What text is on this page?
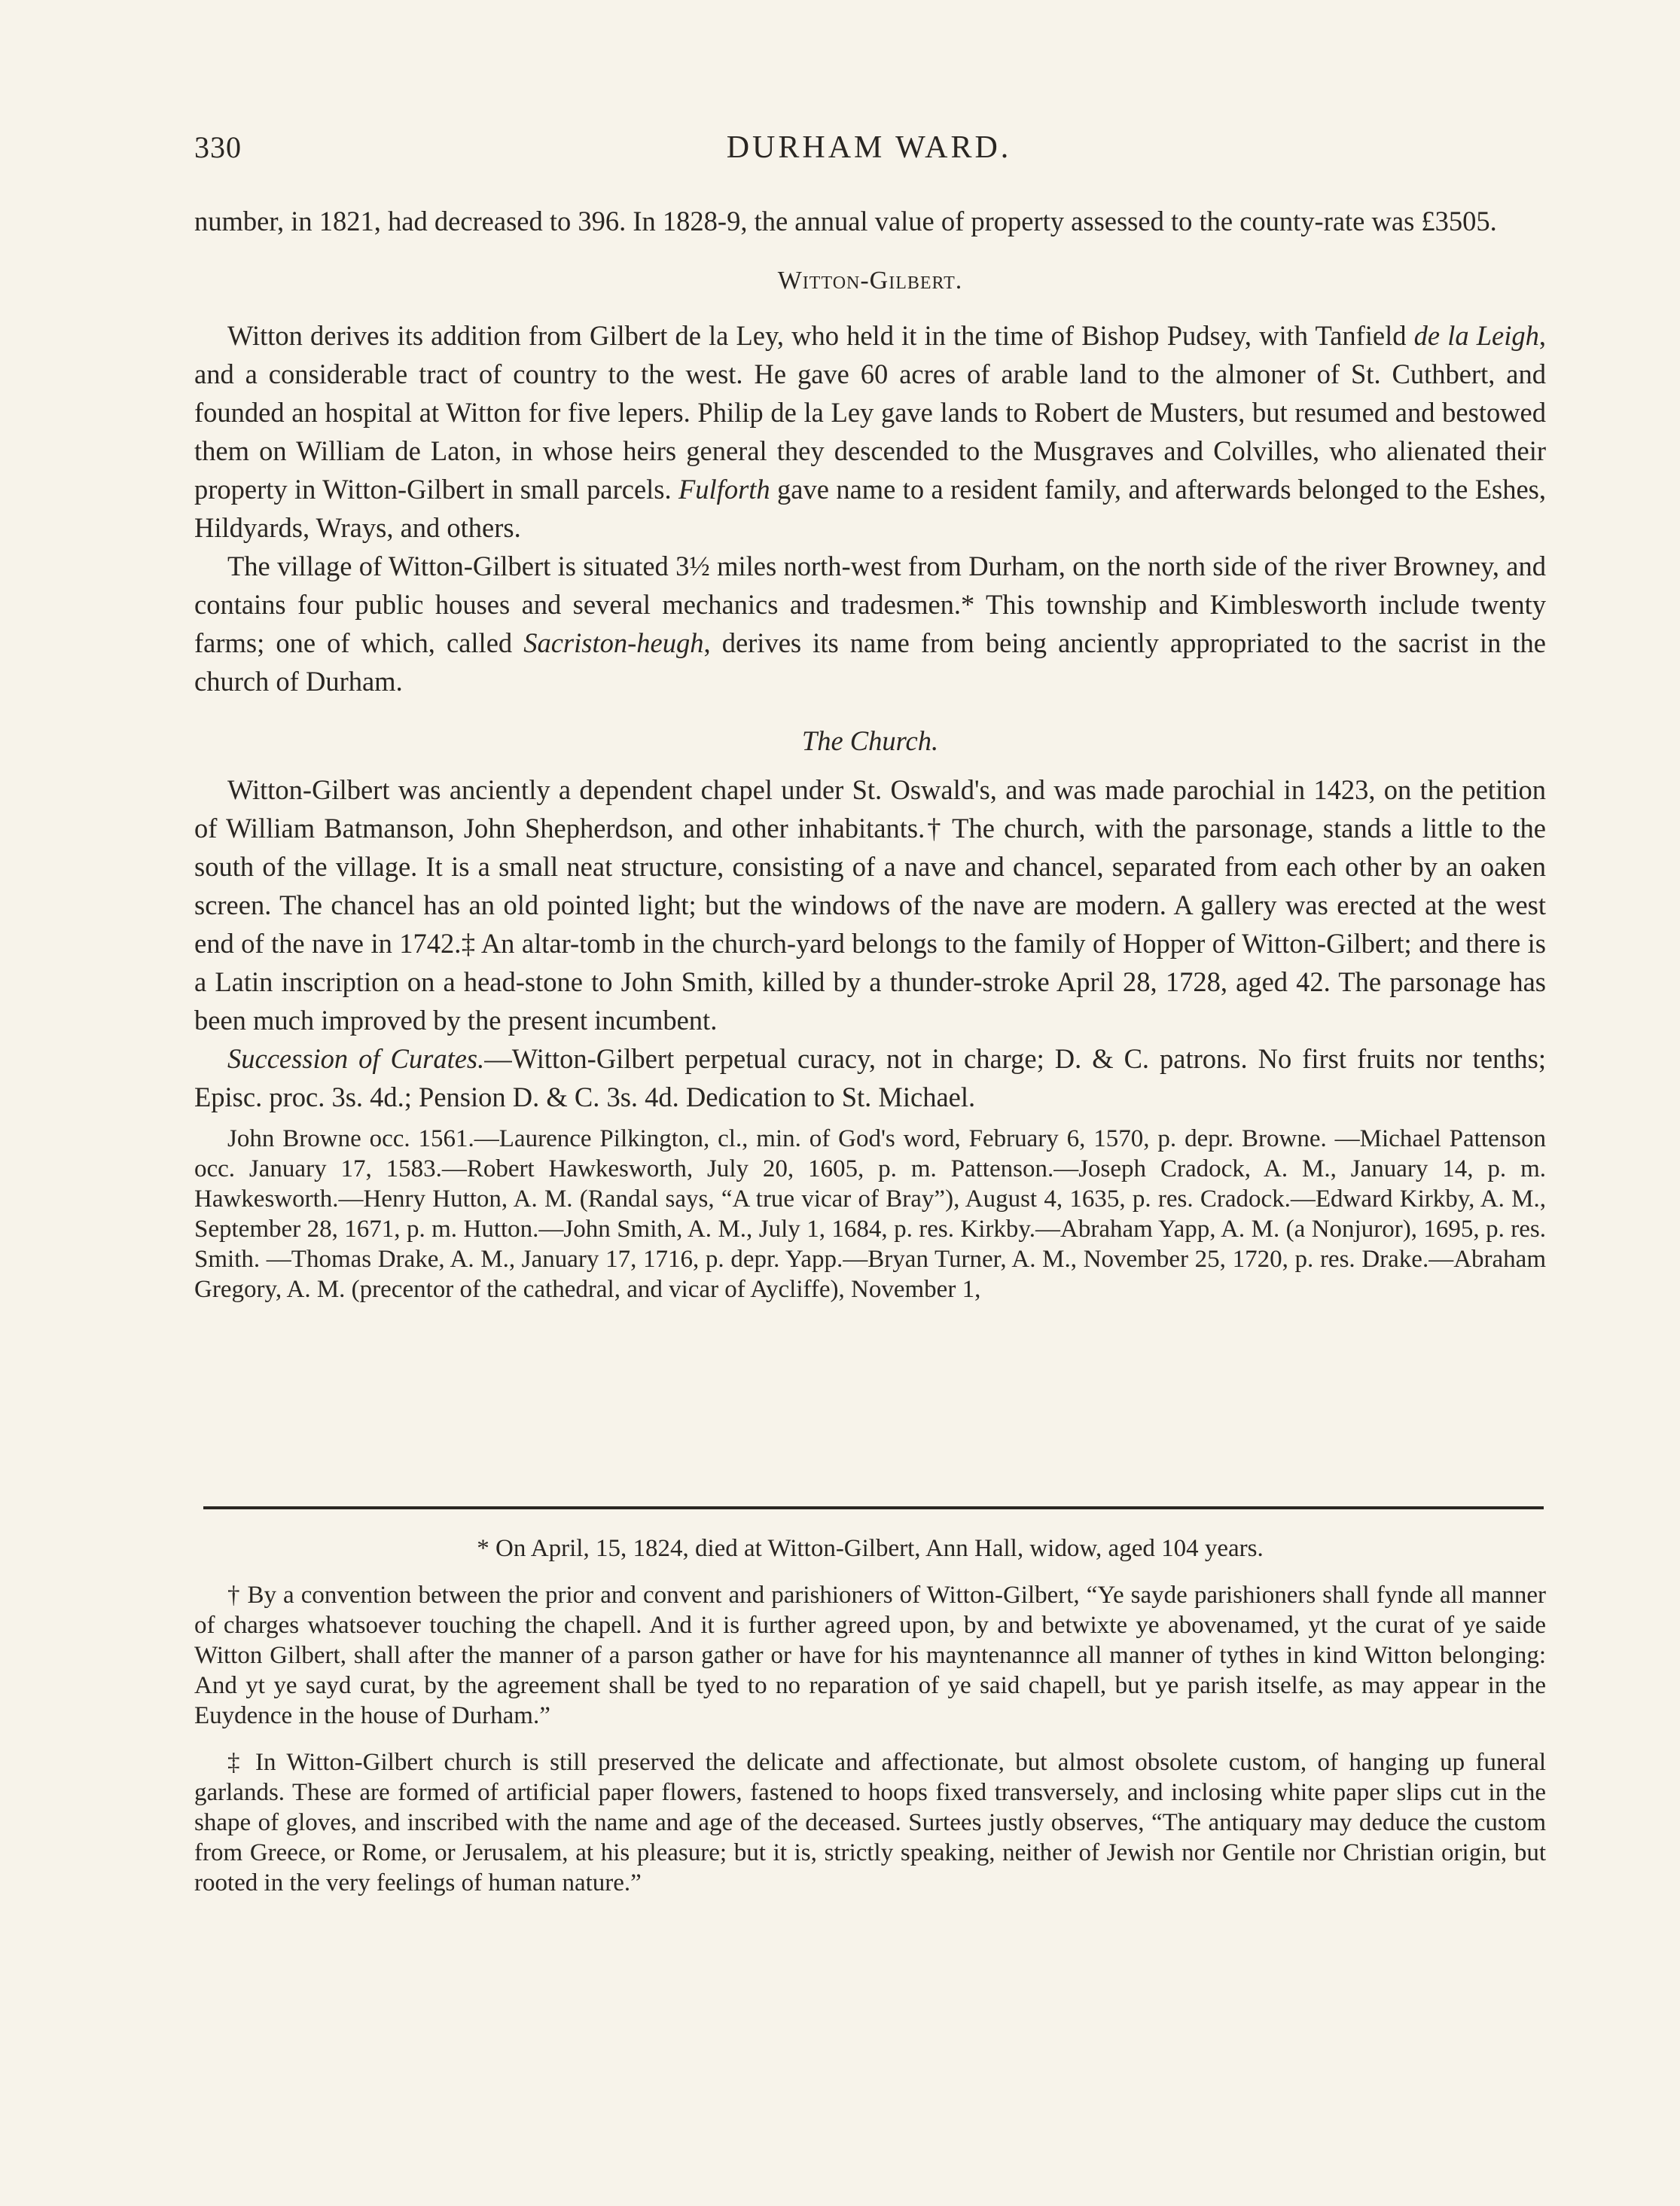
330	DURHAM WARD.

number, in 1821, had decreased to 396. In 1828-9, the annual value of property assessed to the county-rate was £3505.

Witton-Gilbert.

Witton derives its addition from Gilbert de la Ley, who held it in the time of Bishop Pudsey, with Tanfield de la Leigh, and a considerable tract of country to the west. He gave 60 acres of arable land to the almoner of St. Cuthbert, and founded an hospital at Witton for five lepers. Philip de la Ley gave lands to Robert de Musters, but resumed and bestowed them on William de Laton, in whose heirs general they descended to the Musgraves and Colvilles, who alienated their property in Witton-Gilbert in small parcels. Fulforth gave name to a resident family, and afterwards belonged to the Eshes, Hildyards, Wrays, and others.

The village of Witton-Gilbert is situated 3½ miles north-west from Durham, on the north side of the river Browney, and contains four public houses and several mechanics and tradesmen.* This township and Kimblesworth include twenty farms; one of which, called Sacriston-heugh, derives its name from being anciently appropriated to the sacrist in the church of Durham.

The Church.

Witton-Gilbert was anciently a dependent chapel under St. Oswald's, and was made parochial in 1423, on the petition of William Batmanson, John Shepherdson, and other inhabitants.† The church, with the parsonage, stands a little to the south of the village. It is a small neat structure, consisting of a nave and chancel, separated from each other by an oaken screen. The chancel has an old pointed light; but the windows of the nave are modern. A gallery was erected at the west end of the nave in 1742.‡ An altar-tomb in the church-yard belongs to the family of Hopper of Witton-Gilbert; and there is a Latin inscription on a head-stone to John Smith, killed by a thunder-stroke April 28, 1728, aged 42. The parsonage has been much improved by the present incumbent.

Succession of Curates.—Witton-Gilbert perpetual curacy, not in charge; D. & C. patrons. No first fruits nor tenths; Episc. proc. 3s. 4d.; Pension D. & C. 3s. 4d. Dedication to St. Michael.

John Browne occ. 1561.—Laurence Pilkington, cl., min. of God's word, February 6, 1570, p. depr. Browne. —Michael Pattenson occ. January 17, 1583.—Robert Hawkesworth, July 20, 1605, p. m. Pattenson.—Joseph Cradock, A. M., January 14, p. m. Hawkesworth.—Henry Hutton, A. M. (Randal says, “A true vicar of Bray”), August 4, 1635, p. res. Cradock.—Edward Kirkby, A. M., September 28, 1671, p. m. Hutton.—John Smith, A. M., July 1, 1684, p. res. Kirkby.—Abraham Yapp, A. M. (a Nonjuror), 1695, p. res. Smith. —Thomas Drake, A. M., January 17, 1716, p. depr. Yapp.—Bryan Turner, A. M., November 25, 1720, p. res. Drake.—Abraham Gregory, A. M. (precentor of the cathedral, and vicar of Aycliffe), November 1,

* On April, 15, 1824, died at Witton-Gilbert, Ann Hall, widow, aged 104 years.

† By a convention between the prior and convent and parishioners of Witton-Gilbert, “Ye sayde parishioners shall fynde all manner of charges whatsoever touching the chapell. And it is further agreed upon, by and betwixte ye abovenamed, yt the curat of ye saide Witton Gilbert, shall after the manner of a parson gather or have for his mayntenannce all manner of tythes in kind Witton belonging: And yt ye sayd curat, by the agreement shall be tyed to no reparation of ye said chapell, but ye parish itselfe, as may appear in the Euydence in the house of Durham.”

‡ In Witton-Gilbert church is still preserved the delicate and affectionate, but almost obsolete custom, of hanging up funeral garlands. These are formed of artificial paper flowers, fastened to hoops fixed transversely, and inclosing white paper slips cut in the shape of gloves, and inscribed with the name and age of the deceased. Surtees justly observes, “The antiquary may deduce the custom from Greece, or Rome, or Jerusalem, at his pleasure; but it is, strictly speaking, neither of Jewish nor Gentile nor Christian origin, but rooted in the very feelings of human nature.”
